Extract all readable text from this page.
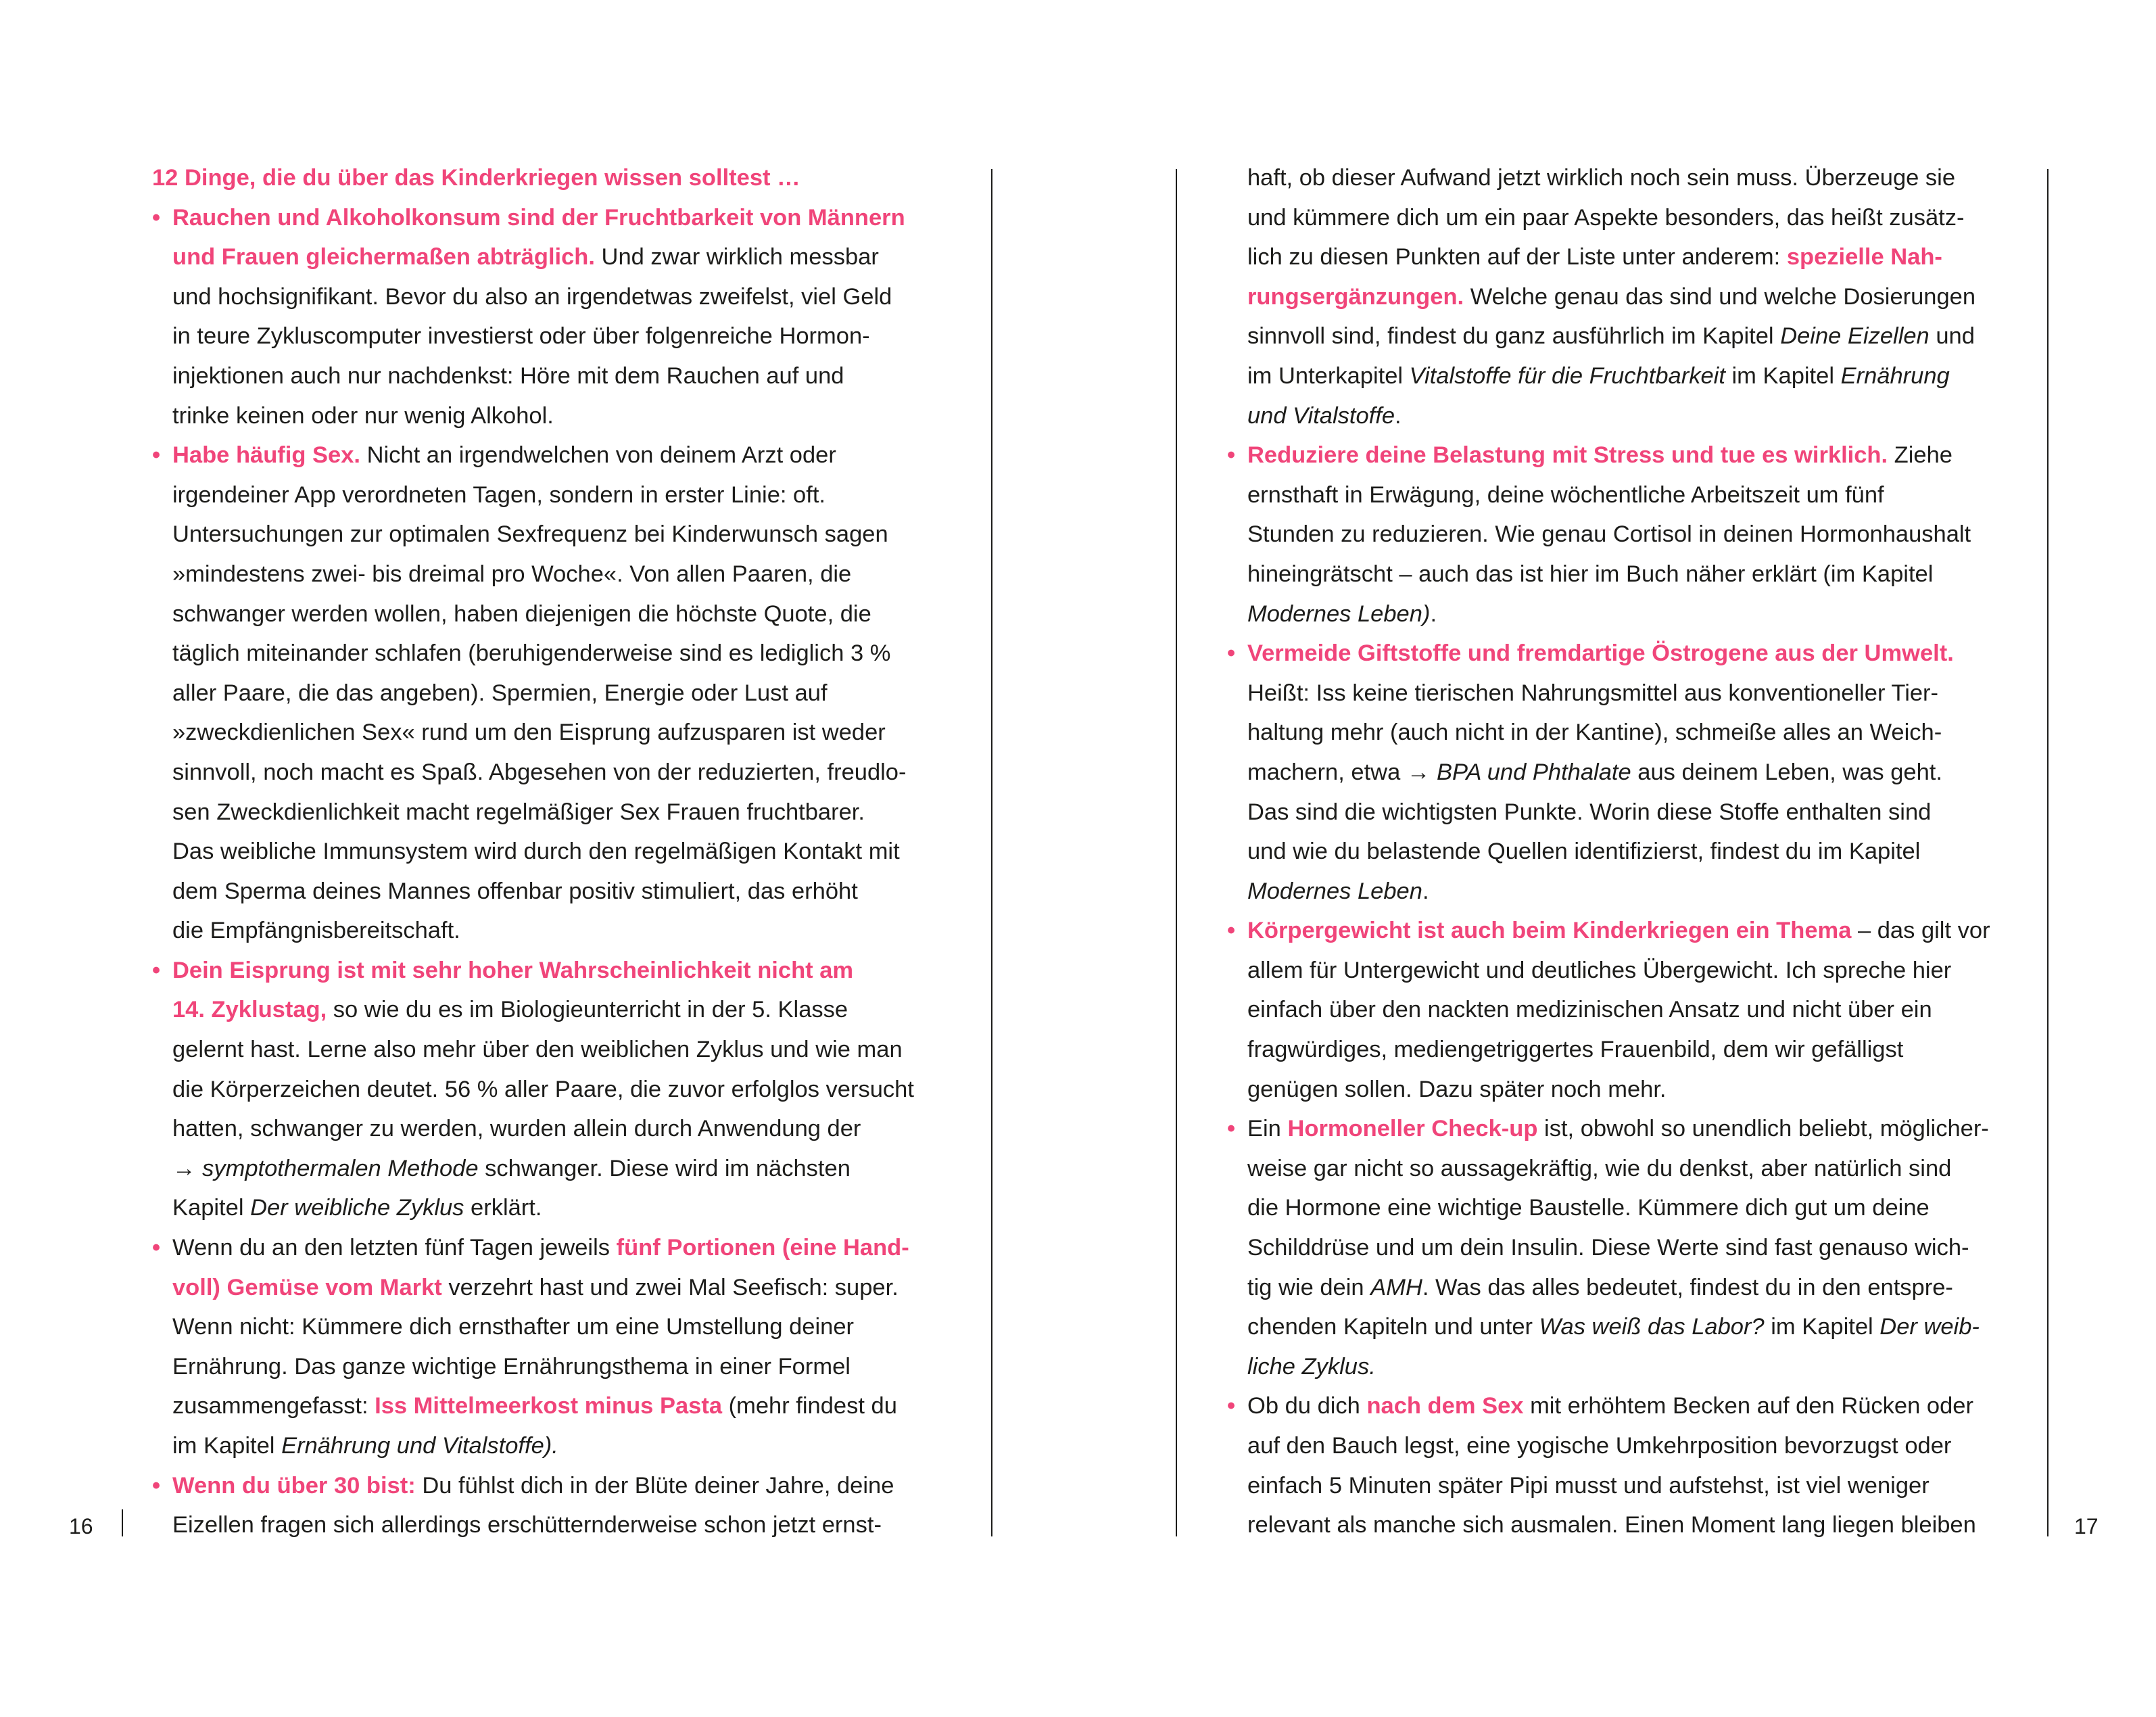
12 Dinge, die du über das Kinderkriegen wissen solltest …
• Rauchen und Alkoholkonsum sind der Fruchtbarkeit von Männern
und Frauen gleichermaßen abträglich. Und zwar wirklich messbar
und hochsignifikant. Bevor du also an irgendetwas zweifelst, viel Geld
in teure Zykluscomputer investierst oder über folgenreiche Hormon-
injektionen auch nur nachdenkst: Höre mit dem Rauchen auf und
trinke keinen oder nur wenig Alkohol.
• Habe häufig Sex. Nicht an irgendwelchen von deinem Arzt oder
irgendeiner App verordneten Tagen, sondern in erster Linie: oft.
Untersuchungen zur optimalen Sexfrequenz bei Kinderwunsch sagen
»mindestens zwei- bis dreimal pro Woche«. Von allen Paaren, die
schwanger werden wollen, haben diejenigen die höchste Quote, die
täglich miteinander schlafen (beruhigenderweise sind es lediglich 3 %
aller Paare, die das angeben). Spermien, Energie oder Lust auf
»zweckdienlichen Sex« rund um den Eisprung aufzusparen ist weder
sinnvoll, noch macht es Spaß. Abgesehen von der reduzierten, freudlo-
sen Zweckdienlichkeit macht regelmäßiger Sex Frauen fruchtbarer.
Das weibliche Immunsystem wird durch den regelmäßigen Kontakt mit
dem Sperma deines Mannes offenbar positiv stimuliert, das erhöht
die Empfängnisbereitschaft.
• Dein Eisprung ist mit sehr hoher Wahrscheinlichkeit nicht am
14. Zyklustag, so wie du es im Biologieunterricht in der 5. Klasse
gelernt hast. Lerne also mehr über den weiblichen Zyklus und wie man
die Körperzeichen deutet. 56 % aller Paare, die zuvor erfolglos versucht
hatten, schwanger zu werden, wurden allein durch Anwendung der
→ symptothermalen Methode schwanger. Diese wird im nächsten
Kapitel Der weibliche Zyklus erklärt.
• Wenn du an den letzten fünf Tagen jeweils fünf Portionen (eine Hand-
voll) Gemüse vom Markt verzehrt hast und zwei Mal Seefisch: super.
Wenn nicht: Kümmere dich ernsthafter um eine Umstellung deiner
Ernährung. Das ganze wichtige Ernährungsthema in einer Formel
zusammengefasst: Iss Mittelmeerkost minus Pasta (mehr findest du
im Kapitel Ernährung und Vitalstoffe).
• Wenn du über 30 bist: Du fühlst dich in der Blüte deiner Jahre, deine
Eizellen fragen sich allerdings erschütternderweise schon jetzt ernst-
haft, ob dieser Aufwand jetzt wirklich noch sein muss. Überzeuge sie
und kümmere dich um ein paar Aspekte besonders, das heißt zusätz-
lich zu diesen Punkten auf der Liste unter anderem: spezielle Nah-
rungsergänzungen. Welche genau das sind und welche Dosierungen
sinnvoll sind, findest du ganz ausführlich im Kapitel Deine Eizellen und
im Unterkapitel Vitalstoffe für die Fruchtbarkeit im Kapitel Ernährung
und Vitalstoffe.
• Reduziere deine Belastung mit Stress und tue es wirklich. Ziehe
ernsthaft in Erwägung, deine wöchentliche Arbeitszeit um fünf
Stunden zu reduzieren. Wie genau Cortisol in deinen Hormonhaushalt
hineingrätscht – auch das ist hier im Buch näher erklärt (im Kapitel
Modernes Leben).
• Vermeide Giftstoffe und fremdartige Östrogene aus der Umwelt.
Heißt: Iss keine tierischen Nahrungsmittel aus konventioneller Tier-
haltung mehr (auch nicht in der Kantine), schmeiße alles an Weich-
machern, etwa → BPA und Phthalate aus deinem Leben, was geht.
Das sind die wichtigsten Punkte. Worin diese Stoffe enthalten sind
und wie du belastende Quellen identifizierst, findest du im Kapitel
Modernes Leben.
• Körpergewicht ist auch beim Kinderkriegen ein Thema – das gilt vor
allem für Untergewicht und deutliches Übergewicht. Ich spreche hier
einfach über den nackten medizinischen Ansatz und nicht über ein
fragwürdiges, mediengetriggertes Frauenbild, dem wir gefälligst
genügen sollen. Dazu später noch mehr.
• Ein Hormoneller Check-up ist, obwohl so unendlich beliebt, möglicher-
weise gar nicht so aussagekräftig, wie du denkst, aber natürlich sind
die Hormone eine wichtige Baustelle. Kümmere dich gut um deine
Schilddrüse und um dein Insulin. Diese Werte sind fast genauso wich-
tig wie dein AMH. Was das alles bedeutet, findest du in den entspre-
chenden Kapiteln und unter Was weiß das Labor? im Kapitel Der weib-
liche Zyklus.
• Ob du dich nach dem Sex mit erhöhtem Becken auf den Rücken oder
auf den Bauch legst, eine yogische Umkehrposition bevorzugst oder
einfach 5 Minuten später Pipi musst und aufstehst, ist viel weniger
relevant als manche sich ausmalen. Einen Moment lang liegen bleiben
16	17
